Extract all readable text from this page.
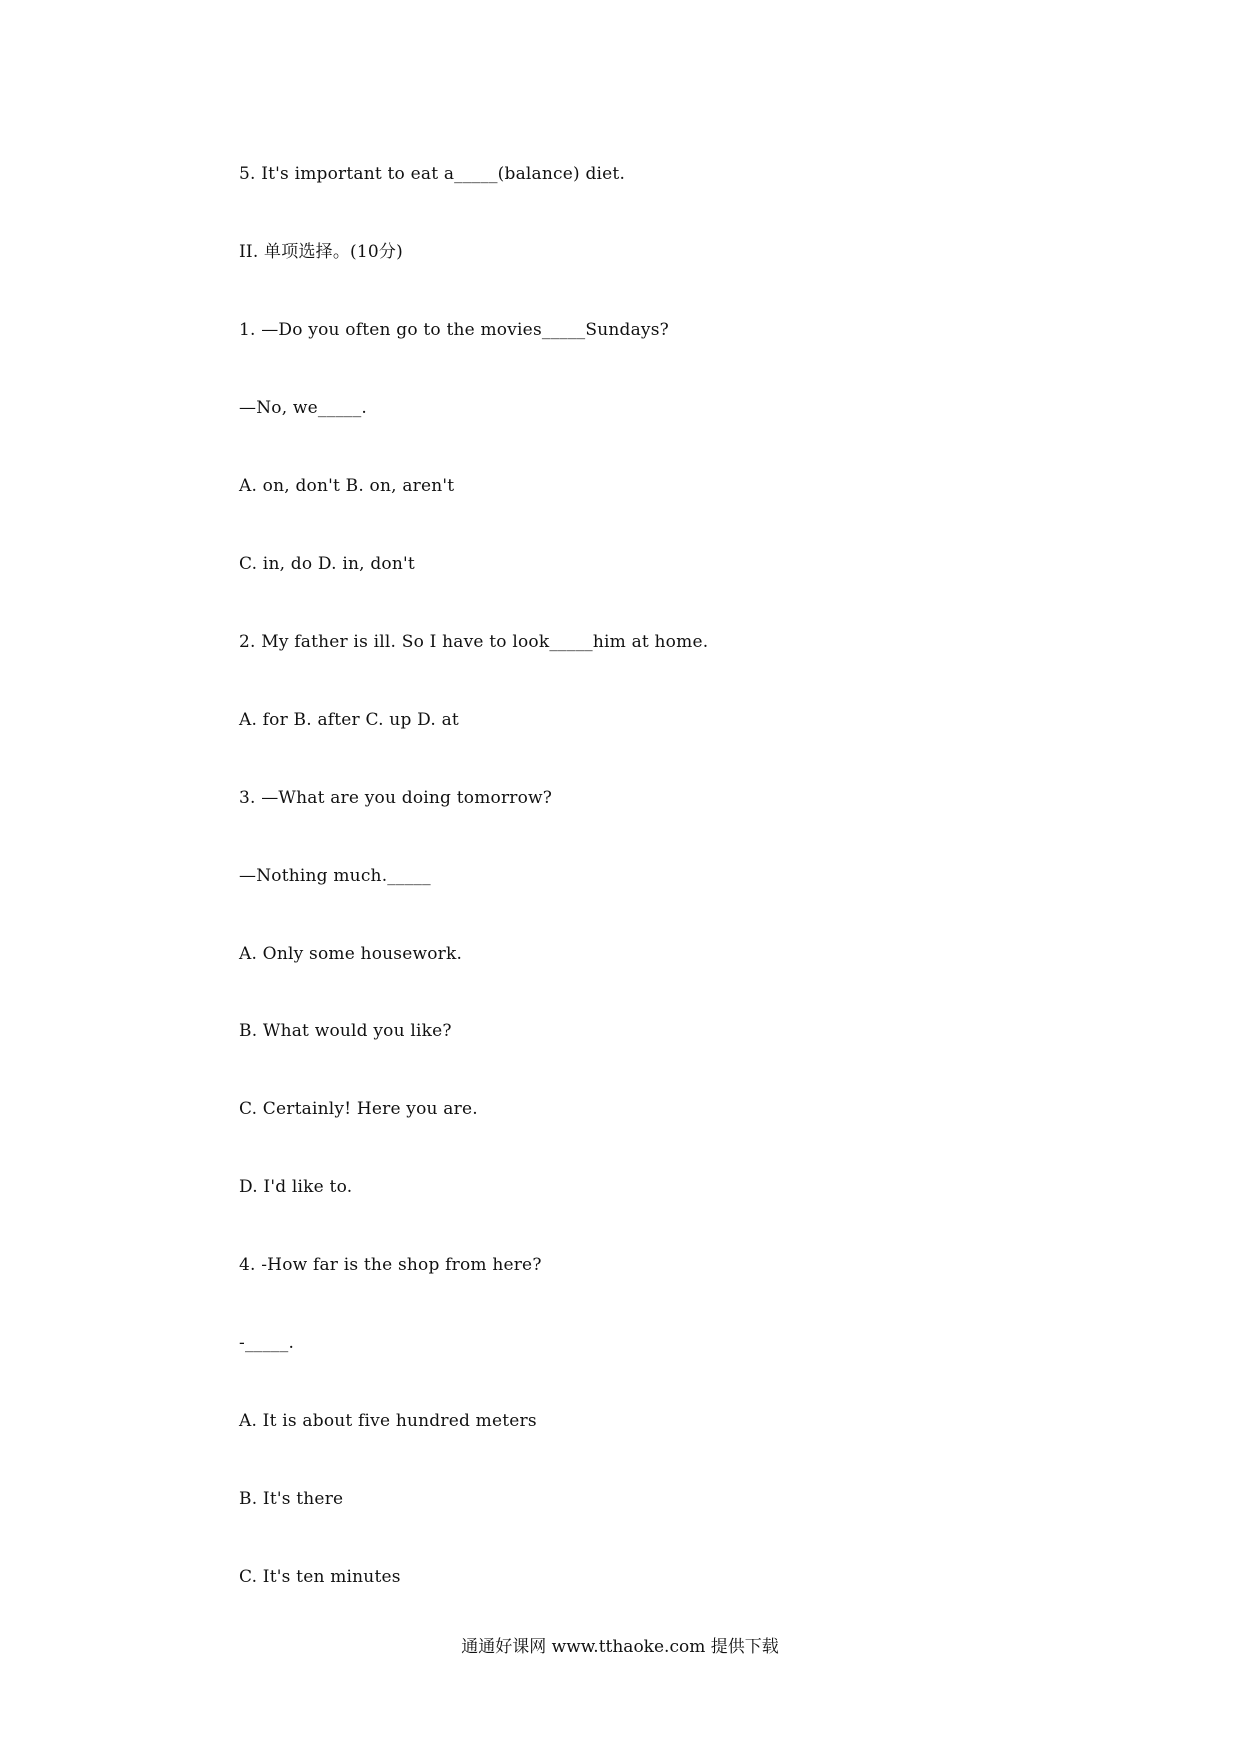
5. It's important to eat a_____(balance) diet.
II. 单项选择。(10分)
1. —Do you often go to the movies_____Sundays?
—No, we_____.
A. on, don't B. on, aren't
C. in, do D. in, don't
2. My father is ill. So I have to look_____him at home.
A. for B. after C. up D. at
3. —What are you doing tomorrow?
—Nothing much._____
A. Only some housework.
B. What would you like?
C. Certainly! Here you are.
D. I'd like to.
4. -How far is the shop from here?
-_____.
A. It is about five hundred meters
B. It's there
C. It's ten minutes
通通好课网 www.tthaoke.com 提供下载
